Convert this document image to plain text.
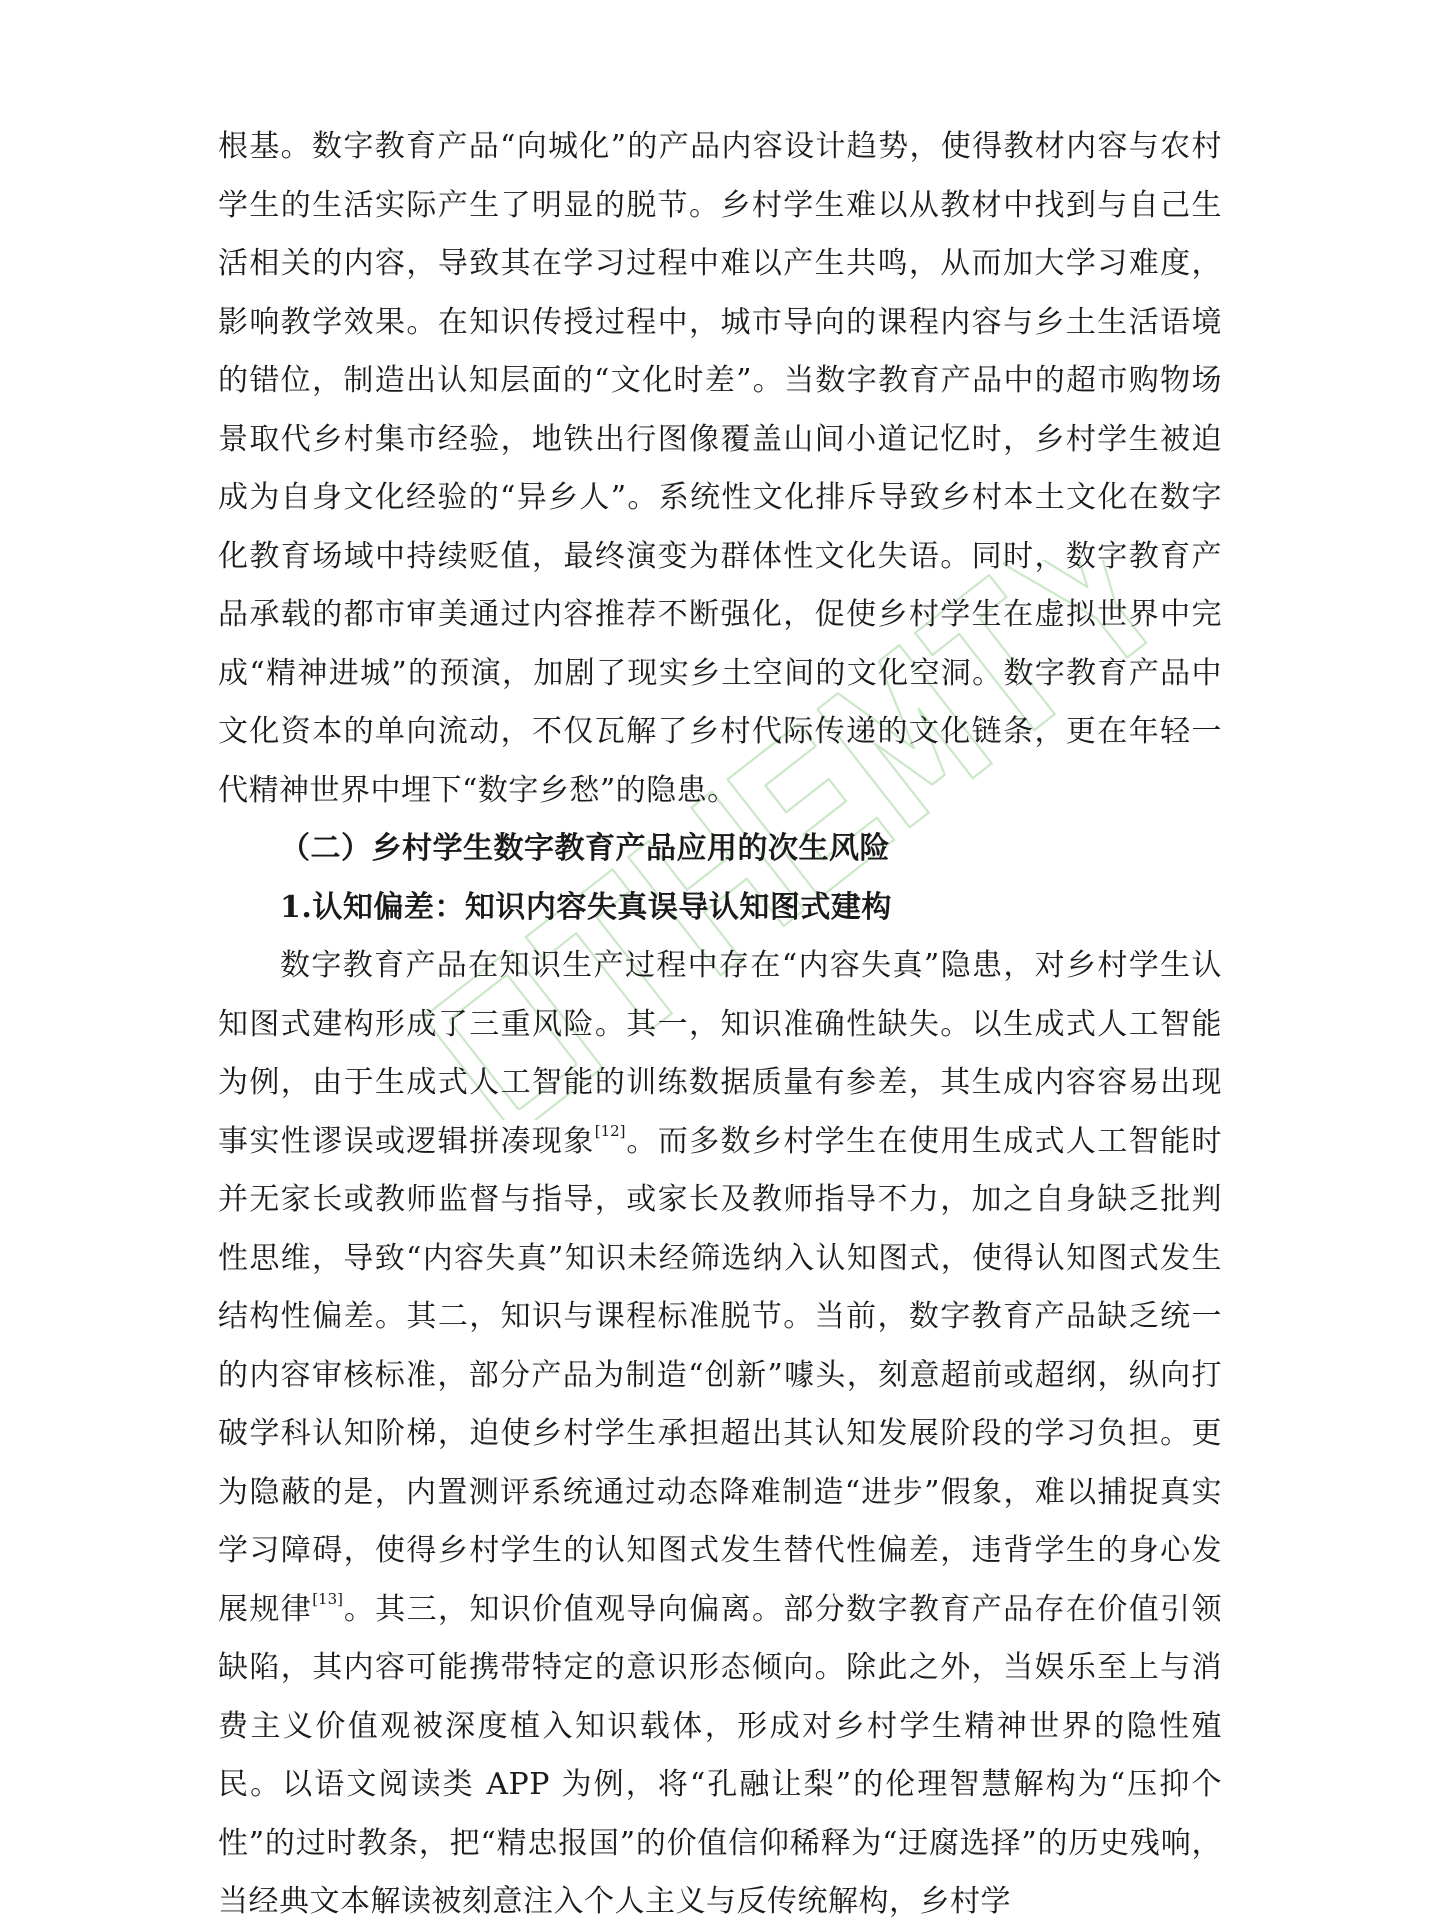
根基。数字教育产品“向城化”的产品内容设计趋势，使得教材内容与农村学生的生活实际产生了明显的脱节。乡村学生难以从教材中找到与自己生活相关的内容，导致其在学习过程中难以产生共鸣，从而加大学习难度，影响教学效果。在知识传授过程中，城市导向的课程内容与乡土生活语境的错位，制造出认知层面的“文化时差”。当数字教育产品中的超市购物场景取代乡村集市经验，地铁出行图像覆盖山间小道记忆时，乡村学生被迫成为自身文化经验的“异乡人”。系统性文化排斥导致乡村本土文化在数字化教育场域中持续贬值，最终演变为群体性文化失语。同时，数字教育产品承载的都市审美通过内容推荐不断强化，促使乡村学生在虚拟世界中完成“精神进城”的预演，加剧了现实乡土空间的文化空洞。数字教育产品中文化资本的单向流动，不仅瓦解了乡村代际传递的文化链条，更在年轻一代精神世界中埋下“数字乡愁”的隐患。

（二）乡村学生数字教育产品应用的次生风险
1.认知偏差：知识内容失真误导认知图式建构

数字教育产品在知识生产过程中存在“内容失真”隐患，对乡村学生认知图式建构形成了三重风险。其一，知识准确性缺失。以生成式人工智能为例，由于生成式人工智能的训练数据质量有参差，其生成内容容易出现事实性谬误或逻辑拼凑现象[12]。而多数乡村学生在使用生成式人工智能时并无家长或教师监督与指导，或家长及教师指导不力，加之自身缺乏批判性思维，导致“内容失真”知识未经筛选纳入认知图式，使得认知图式发生结构性偏差。其二，知识与课程标准脱节。当前，数字教育产品缺乏统一的内容审核标准，部分产品为制造“创新”噱头，刻意超前或超纲，纵向打破学科认知阶梯，迫使乡村学生承担超出其认知发展阶段的学习负担。更为隐蔽的是，内置测评系统通过动态降难制造“进步”假象，难以捕捉真实学习障碍，使得乡村学生的认知图式发生替代性偏差，违背学生的身心发展规律[13]。其三，知识价值观导向偏离。部分数字教育产品存在价值引领缺陷，其内容可能携带特定的意识形态倾向。除此之外，当娱乐至上与消费主义价值观被深度植入知识载体，形成对乡村学生精神世界的隐性殖民。以语文阅读类 APP 为例，将“孔融让梨”的伦理智慧解构为“压抑个性”的过时教条，把“精忠报国”的价值信仰稀释为“迂腐选择”的历史残响，当经典文本解读被刻意注入个人主义与反传统解构，乡村学
